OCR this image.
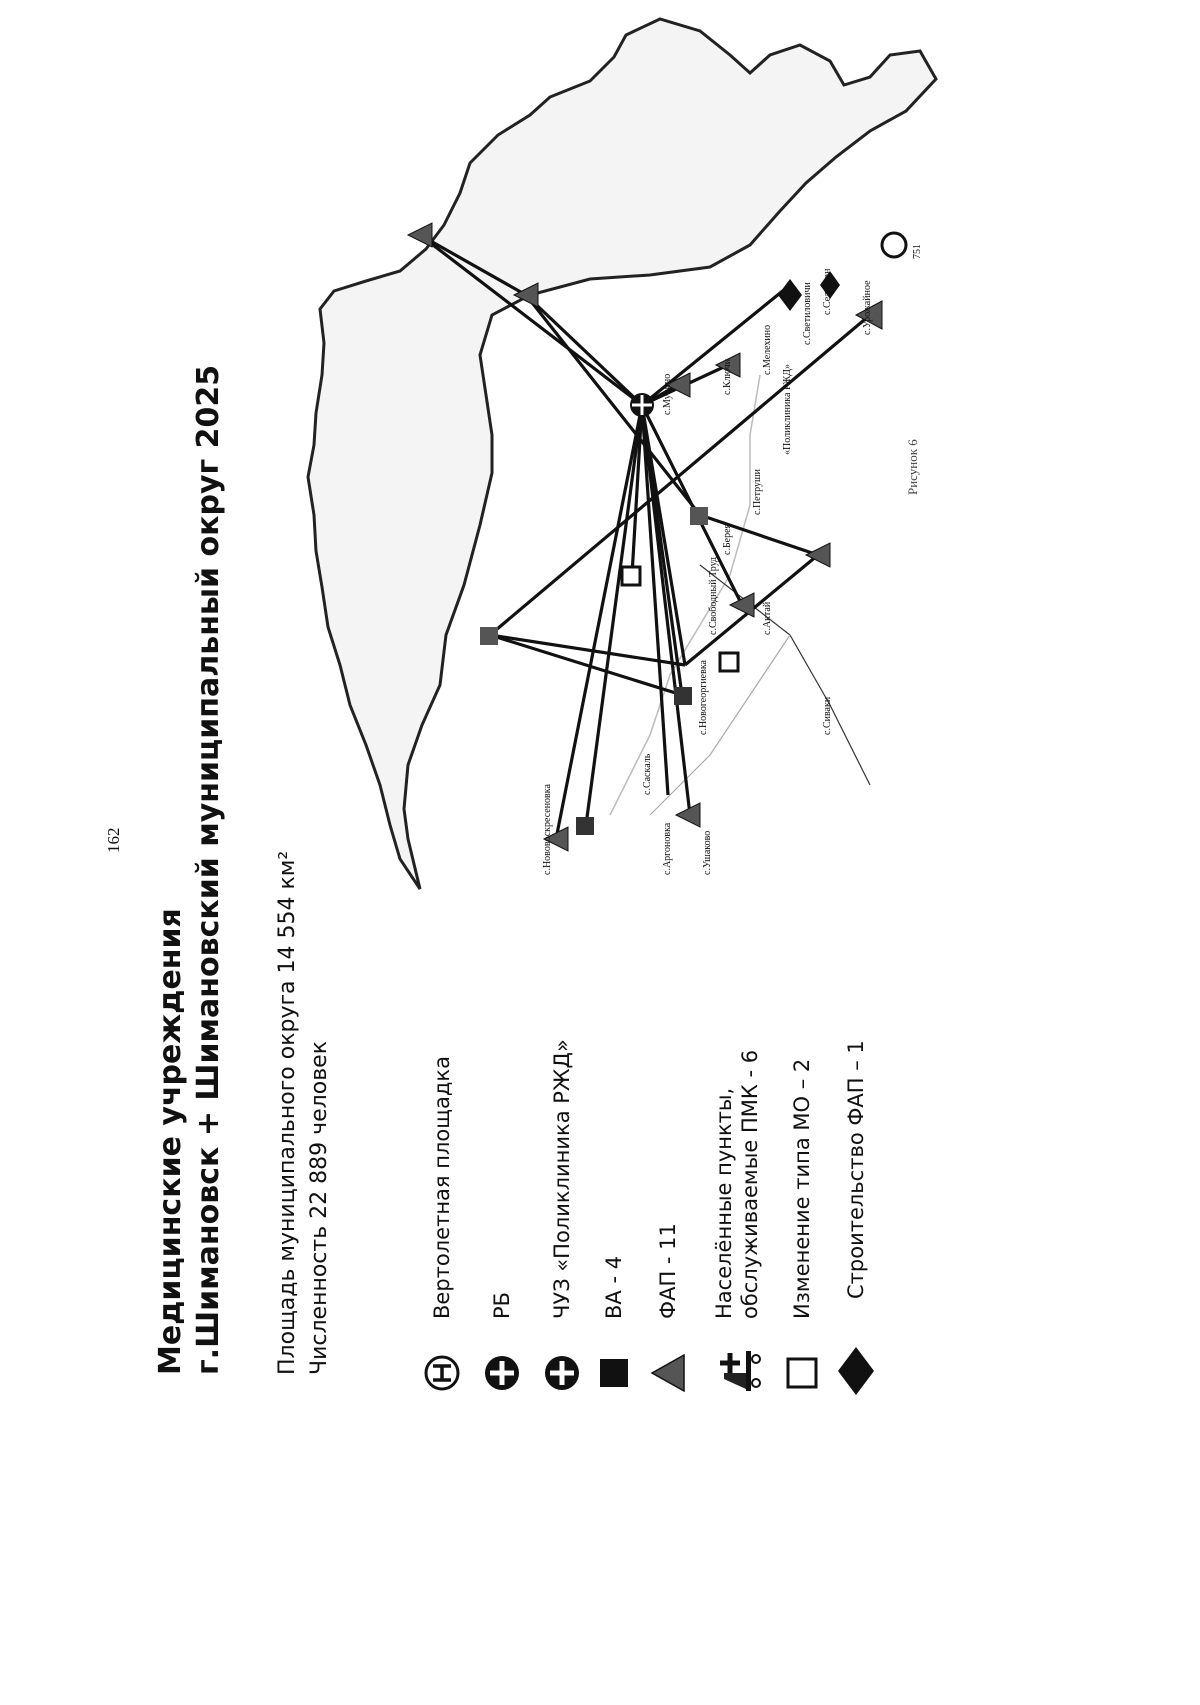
162
Медицинские учреждения г.Шимановск + Шимановский муниципальный округ 2025 Площадь муниципального округа 14 554 км² Численность 22 889 человек	Вертолетная площадка РБ ЧУЗ «Поликлиника РЖД» ВА - 4 ФАП - 11 Населённые пункты, обслуживаемые ПМК - 6 Изменение типа МО – 2 Строительство ФАП – 1
с.Урожайное
с.Нововоскресеновка	с.Аргоновка	с.Ушаково
с.Новогеоргиевка
с.Свободный Труд	с.Актай
с.Саскаль
с.Сиваки
с.Берея
с.Петруши
с.Мухино
с.Светиловичи
с.Ключи	«Поликлиника РЖД»
с.Селеткан
с.Мелехино
751
Рисунок 6
